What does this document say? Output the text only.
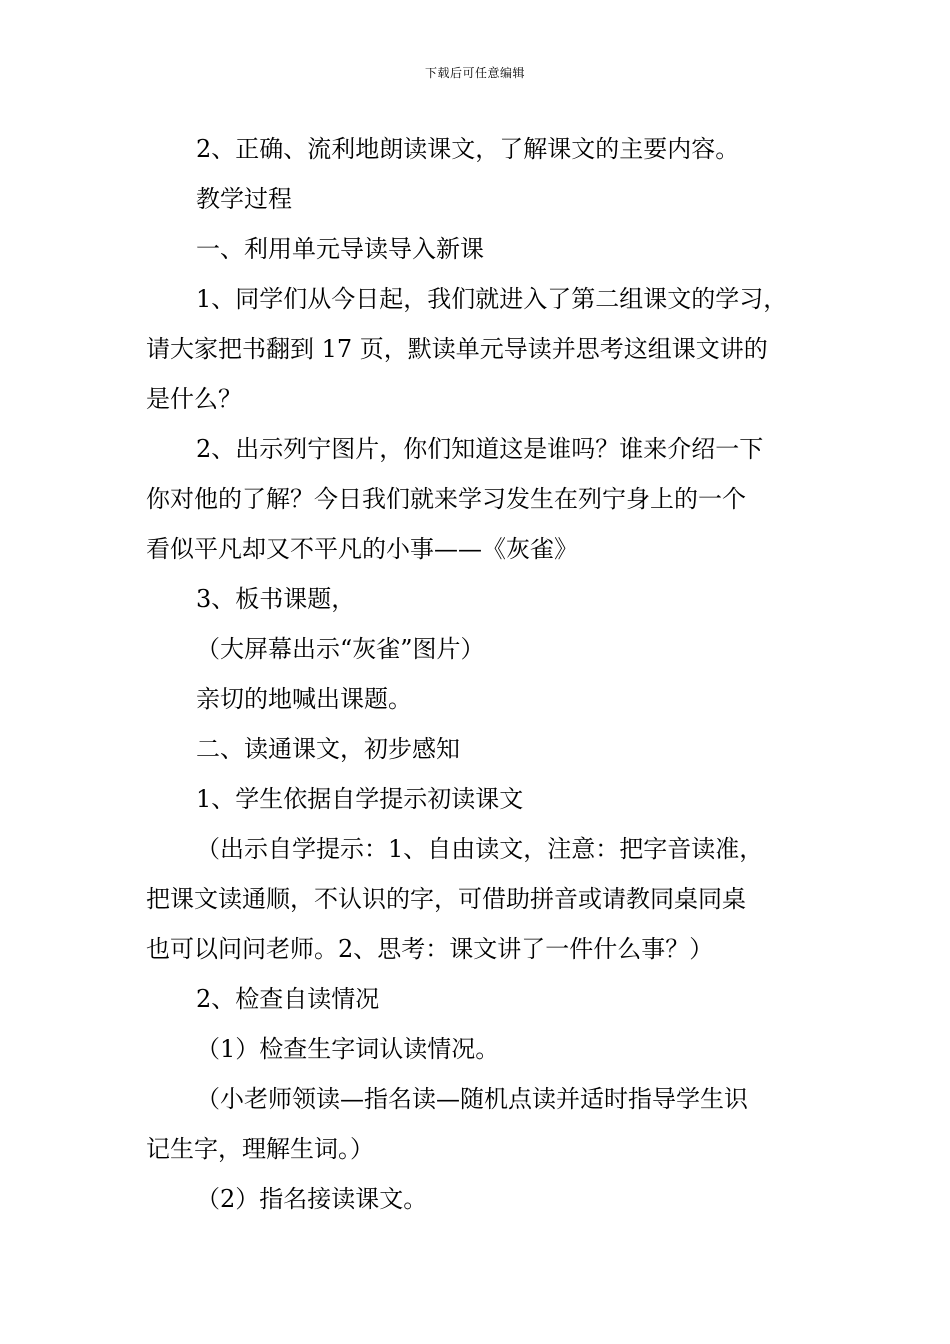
下载后可任意编辑
2、正确、流利地朗读课文，了解课文的主要内容。
教学过程
一、利用单元导读导入新课
1、同学们从今日起，我们就进入了第二组课文的学习，
请大家把书翻到 17 页，默读单元导读并思考这组课文讲的
是什么？
2、出示列宁图片，你们知道这是谁吗？谁来介绍一下
你对他的了解？今日我们就来学习发生在列宁身上的一个
看似平凡却又不平凡的小事——《灰雀》
3、板书课题，
（大屏幕出示“灰雀”图片）
亲切的地喊出课题。
二、读通课文，初步感知
1、学生依据自学提示初读课文
（出示自学提示：1、自由读文，注意：把字音读准，
把课文读通顺，不认识的字，可借助拼音或请教同桌同桌
也可以问问老师。2、思考：课文讲了一件什么事？）
2、检查自读情况
（1）检查生字词认读情况。
（小老师领读—指名读—随机点读并适时指导学生识
记生字，理解生词。）
（2）指名接读课文。
